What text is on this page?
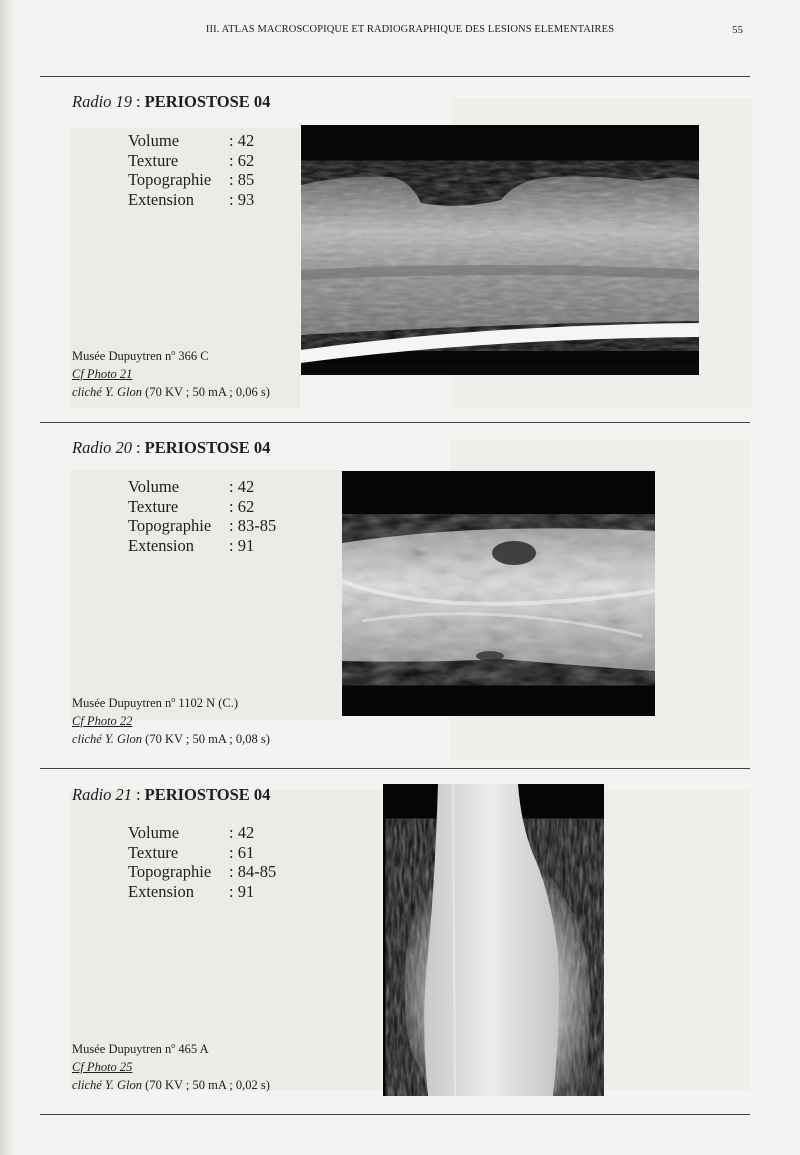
III. ATLAS MACROSCOPIQUE ET RADIOGRAPHIQUE DES LESIONS ELEMENTAIRES	55
Radio 19 : PERIOSTOSE 04
Volume	: 42
Texture	: 62
Topographie	: 85
Extension	: 93
Musée Dupuytren $n^o$ 366 C
Cf Photo 21
cliché Y. Glon (70 KV ; 50 mA ; 0,06 s)
Radio 20 : PERIOSTOSE 04
Volume	: 42
Texture	: 62
Topographie	: 83-85
Extension	: 91
Musée Dupuytren $n^o$ 1102 N (C.)
Cf Photo 22
cliché Y. Glon (70 KV ; 50 mA ; 0,08 s)
Radio 21 : PERIOSTOSE 04
Volume	: 42
Texture	: 61
Topographie	: 84-85
Extension	: 91
Musée Dupuytren $n^o$ 465 A
Cf Photo 25
cliché Y. Glon (70 KV ; 50 mA ; 0,02 s)
